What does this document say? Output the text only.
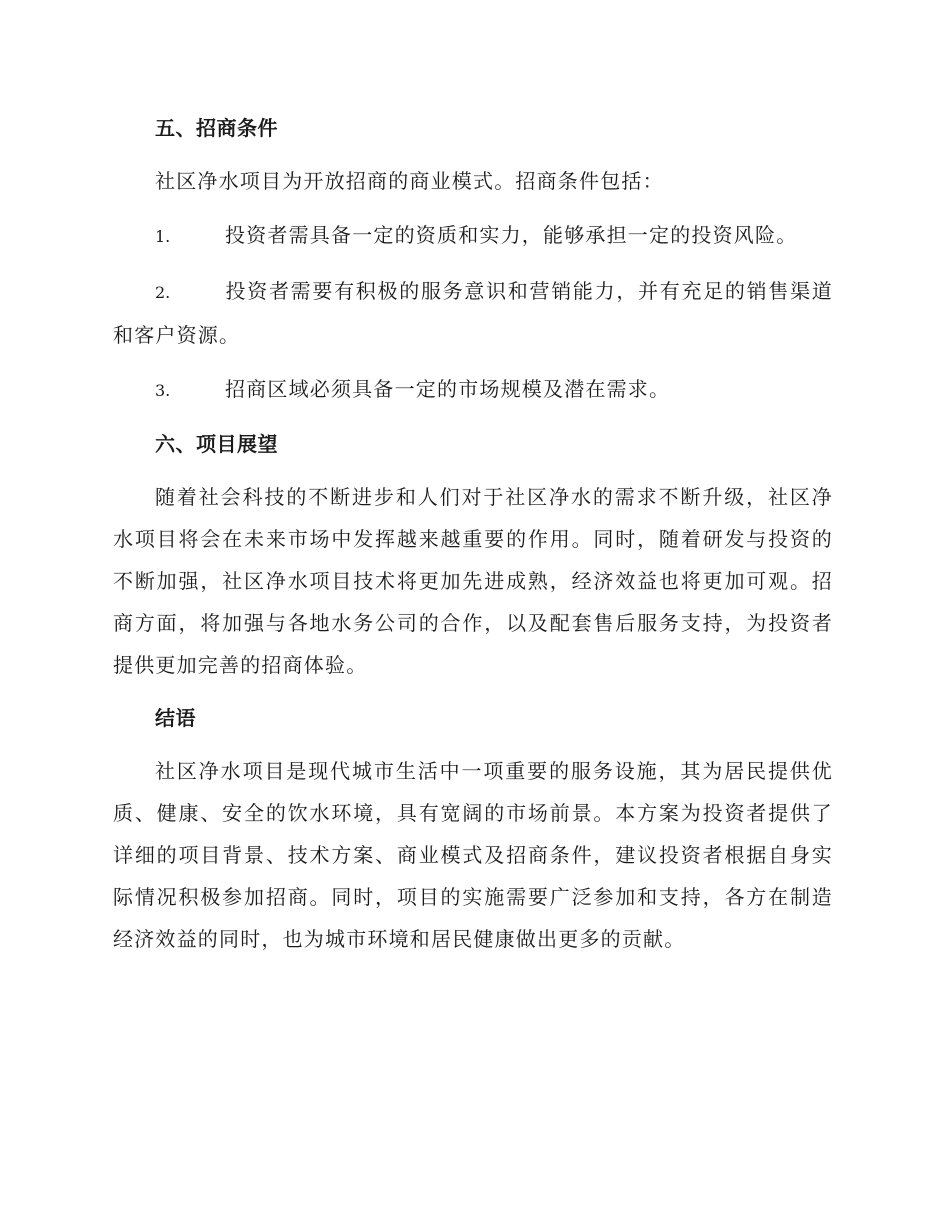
五、招商条件

社区净水项目为开放招商的商业模式。招商条件包括：

1.	投资者需具备一定的资质和实力，能够承担一定的投资风险。

2.	投资者需要有积极的服务意识和营销能力，并有充足的销售渠道和客户资源。

3.	招商区域必须具备一定的市场规模及潜在需求。

六、项目展望

随着社会科技的不断进步和人们对于社区净水的需求不断升级，社区净水项目将会在未来市场中发挥越来越重要的作用。同时，随着研发与投资的不断加强，社区净水项目技术将更加先进成熟，经济效益也将更加可观。招商方面，将加强与各地水务公司的合作，以及配套售后服务支持，为投资者提供更加完善的招商体验。

结语

社区净水项目是现代城市生活中一项重要的服务设施，其为居民提供优质、健康、安全的饮水环境，具有宽阔的市场前景。本方案为投资者提供了详细的项目背景、技术方案、商业模式及招商条件，建议投资者根据自身实际情况积极参加招商。同时，项目的实施需要广泛参加和支持，各方在制造经济效益的同时，也为城市环境和居民健康做出更多的贡献。
